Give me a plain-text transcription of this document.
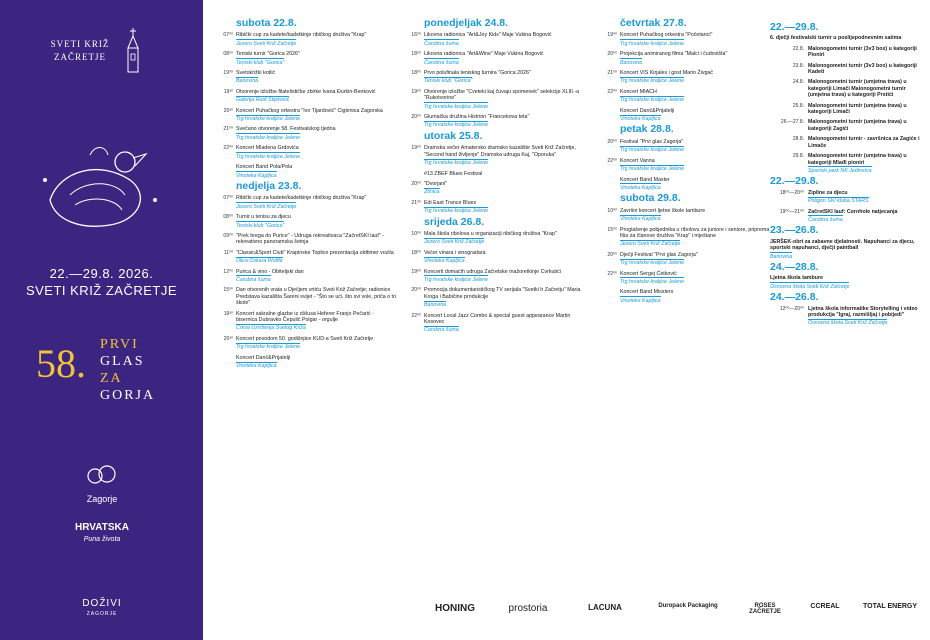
SVETI KRIŽ
ZAČRETJE
22.—29.8. 2026.
SVETI KRIŽ ZAČRETJE
58. PRVI
GLAS
ZA
GORJA
Zagorje
HRVATSKA
Puna života
DOŽIVI
ZAGORJE
subota 22.8.
07⁰⁰ Ribički cup za kadete/kadetkinje ribičkog društva "Krap"
Jezero Sveti Križ Začretje
08⁰⁰ Teniski turnir "Gorica 2026"
Teniski klub "Gorica"
19⁰⁰ Svetokrižki kotlić
Banovina
19³⁰ Otvorenje izložbe filatelističke zbirke Ivana Đurkin-Benković
Galerija Rudi Stipković
20³⁰ Koncert Puhačkog orkestra "Ivo Tijardović" Ciglenica Zagorska
Trg hrvatske kraljice Jelene
21⁰⁰ Svečano otvorenje 58. Festivalskog tjedna
Trg hrvatske kraljice Jelene
22⁰⁰ Koncert Mladena Grdovića
Trg hrvatske kraljice Jelene
Koncert Band Pola/Pola
Vinoteka Kapljica
nedjelja 23.8.
07⁰⁰ Ribički cup za kadete/kadetkinje ribičkog društva "Krap"
Jezero Sveti Križ Začretje
08⁰⁰ Turnir u tenisu za djecu
Teniski klub "Gorica"
09⁰⁰ "Prek brega do Purice" - Udruga rekreativaca "ZačretSKI lauf" - rekreativno panoramska šetnja
11⁰⁰ "Classic&Sport Club" Krapinske Toplice prezentacija oldtimer vozila
Ulica Oskara Wolfla
12⁰⁰ Purica & vino - Obiteljski dan
Čarobna šuma
15⁰⁰ Dan otvorenih vrata u Dječjem vrtiću Sveti Križ Začretje; radionice Predstava kazališta Šareni svijet - "Što se ući, što svi vole, priča o tri škole"
19³⁰ Koncert sakralne glazbe iz ciklusa Heferer Franjo Pečarić - bisernica Dubravko Čepulić Polgar - orgulje
Crkva Uzvišenja Svetog Križa
20³⁰ Koncert povodom 50. godišnjice KUD-a Sveti Križ Začretje
Trg hrvatske kraljice Jelene
Koncert Danč&Prijatelji
Vinoteka Kapljica
ponedjeljak 24.8.
16⁰⁰ Likovna radionica "Art&Joy Kids" Maje Vukina Bogović
Čarobna šuma
18⁰⁰ Likovna radionica "Art&Wine" Maje Vukina Bogović
Čarobna šuma
18⁰⁰ Prvo polufinala teniskog turnira "Gorica 2026"
Teniski klub "Gorica"
19⁰⁰ Otvorenje izložbe "Cveteki kaj čuvaju spomenek" selekcije XLIII.-a "Rukotvorine"
Trg hrvatske kraljice Jelene
20⁰⁰ Glumačka družina Histrion "Francekova teta"
Trg hrvatske kraljice Jelene
utorak 25.8.
19⁰⁰ Dramska večer Amatersko dramsko kazalište Sveti Križ Začretje, "Second hand življenje" Dramska udruga Kaj, "Oporuka"
Trg hrvatske kraljice Jelene
#13 ZBEF Blues Festival
20⁰⁰ "Dvorjani"
Žitnica
21⁰⁰ Edi East Trance Blues
Trg hrvatske kraljice Jelene
srijeda 26.8.
10⁰⁰ Mala škola ribolova u organizaciji ribičkog društva "Krap"
Jezero Sveti Križ Začretje
18⁰⁰ Večer vinara i vinogradara
Vinoteka Kapljica
19⁰⁰ Koncerti domaćih udruga Začretske mažoretkinje Cvrkutići
Trg hrvatske kraljice Jelene
20⁰⁰ Promocija dokumentarističkog TV serijala "Svetki h Začretju" Maria Kroga i Babičine produkcije
Banovina
22⁰⁰ Koncert Local Jazz Combo & special guest appearance Martin Kosovec
Čarobna šuma
četvrtak 27.8.
19⁰⁰ Koncert Puhačkog orkestra "Početanci"
Trg hrvatske kraljice Jelene
20⁰⁰ Projekcija animiranog filma "Malci i čudovišta"
Banovina
21⁰⁰ Koncert VIS Kirjales i gost Mario Živgač
Trg hrvatske kraljice Jelene
22⁰⁰ Koncert MIACH
Trg hrvatske kraljice Jelene
Koncert Danč&Prijatelji
Vinoteka Kapljica
petak 28.8.
20⁰⁰ Festival "Prvi glas Zagorja"
Trg hrvatske kraljice Jelene
22⁰⁰ Koncert Vanna
Trg hrvatske kraljice Jelene
Koncert Band Master
Vinoteka Kapljica
subota 29.8.
10⁰⁰ Završni koncert ljetne škole tambure
Vinoteka Kapljica
15⁰⁰ Proglašenje pobjednika u ribolovu za juniore i seniore, priprema fiša za članove društva "Krap" i mještane
Jezero Sveti Križ Začretje
20⁰⁰ Dječji Festival "Prvi glas Zagorja"
Trg hrvatske kraljice Jelene
22⁰⁰ Koncert Sergej Ćetković
Trg hrvatske kraljice Jelene
Koncert Band Missters
Vinoteka Kapljica
22.—29.8.
6. dječji festivalski turnir u poslijepodnevnim satima
22.8. Malonogometni turnir (3v3 box) u kategoriji Pioniri
23.8. Malonogometni turnir (3v3 box) u kategoriji Kadeti
24.8. Malonogometni turnir (umjetna trava) u kategoriji Limači Malonogometni turnir (umjetna trava) u kategoriji Prstići
25.8. Malonogometni turnir (umjetna trava) u kategoriji Limači
26.—27.8. Malonogometni turnir (umjetna trava) u kategoriji Zagići
28.8. Malonogometni turnir - završnica za Zagiće i Limače
29.8. Malonogometni turnir (umjetna trava) u kategoriji Mlađi pioniri
Sportski park NK Jedinstva
22.—29.8.
18⁰⁰—20⁰⁰ Zipline za djecu
Poligon SKI kluba STARS
19⁰⁰—21⁰⁰ ZačretSKI lauf: Cornhole natjecanja
Čarobna šuma
23.—26.8.
JERŠEK-obrt za zabavne djelatnosti. Napuhanci za djecu, sportski napuhanci, dječji paintball
Banovina
24.—28.8.
Ljetna škola tambure
Osnovna škola Sveti Križ Začretje
24.—26.8.
12⁰⁰—20⁰⁰ Ljetna škola informatike Storytelling i video produkcija "Igraj, razmišljaj i pobijedi"
Osnovna škola Sveti Križ Začretje
HONING	prostoria	LACUNA	Duropack Packaging	ROSES ZAČRETJE
CCREAL	TOTAL ENERGY
